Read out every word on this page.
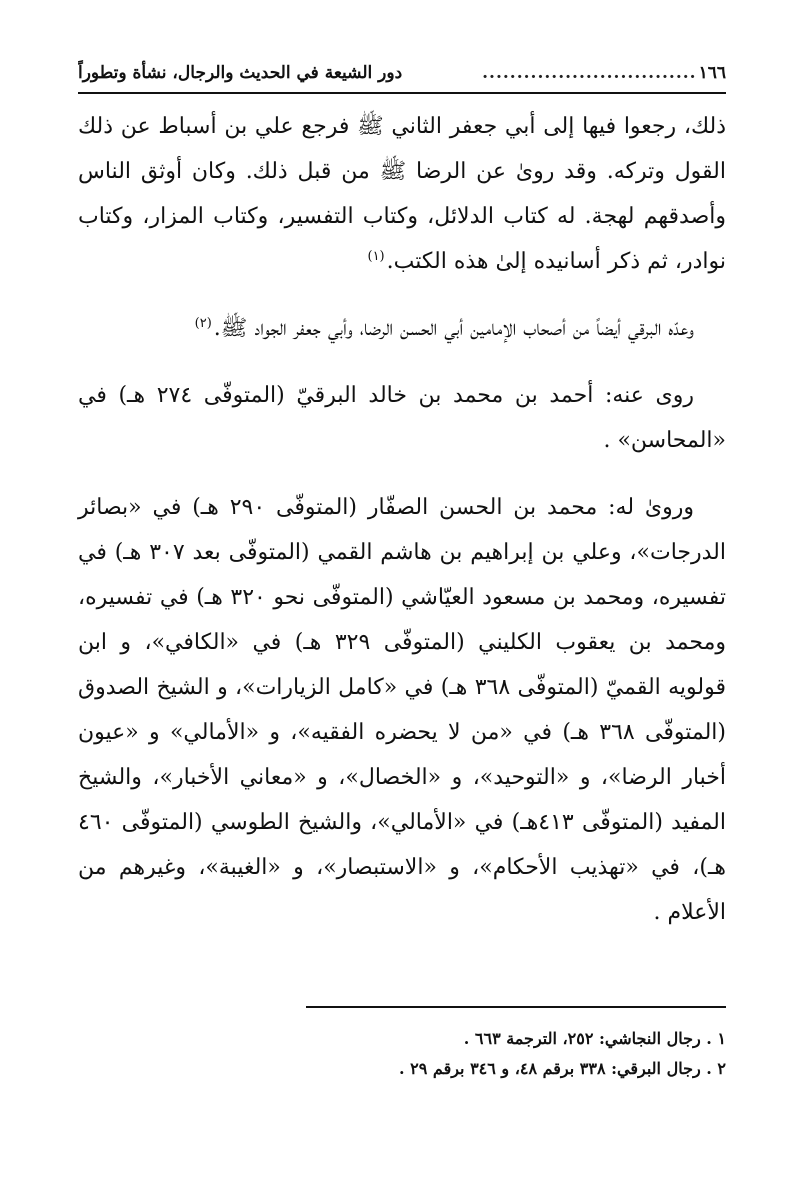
١٦٦
...............................
دور الشيعة في الحديث والرجال، نشأة وتطوراً

ذلك، رجعوا فيها إلى أبي جعفر الثاني ﷺ فرجع علي بن أسباط عن ذلك القول وتركه. وقد روىٰ عن الرضا ﷺ من قبل ذلك. وكان أوثق الناس وأصدقهم لهجة. له كتاب الدلائل، وكتاب التفسير، وكتاب المزار، وكتاب نوادر، ثم ذكر أسانيده إلىٰ هذه الكتب.$^{(١)}$

وعدّه البرقي أيضاً من أصحاب الإمامين أبي الحسن الرضا، وأبي جعفر الجواد ﷺ.$^{(٢)}$

روى عنه: أحمد بن محمد بن خالد البرقيّ (المتوفّى ٢٧٤ هـ) في «المحاسن» .

وروىٰ له: محمد بن الحسن الصفّار (المتوفّى ٢٩٠ هـ) في «بصائر الدرجات»، وعلي بن إبراهيم بن هاشم القمي (المتوفّى بعد ٣٠٧ هـ) في تفسيره، ومحمد بن مسعود العيّاشي (المتوفّى نحو ٣٢٠ هـ) في تفسيره، ومحمد بن يعقوب الكليني (المتوفّى ٣٢٩ هـ) في «الكافي»، و ابن قولويه القميّ (المتوفّى ٣٦٨ هـ) في «كامل الزيارات»، و الشيخ الصدوق (المتوفّى ٣٦٨ هـ) في «من لا يحضره الفقيه»، و «الأمالي» و «عيون أخبار الرضا»، و «التوحيد»، و «الخصال»، و «معاني الأخبار»، والشيخ المفيد (المتوفّى ٤١٣هـ) في «الأمالي»، والشيخ الطوسي (المتوفّى ٤٦٠ هـ)، في «تهذيب الأحكام»، و «الاستبصار»، و «الغيبة»، وغيرهم من الأعلام .

١ . رجال النجاشي: ٢٥٢، الترجمة ٦٦٣ .
٢ . رجال البرقي: ٣٣٨ برقم ٤٨، و ٣٤٦ برقم ٢٩ .
